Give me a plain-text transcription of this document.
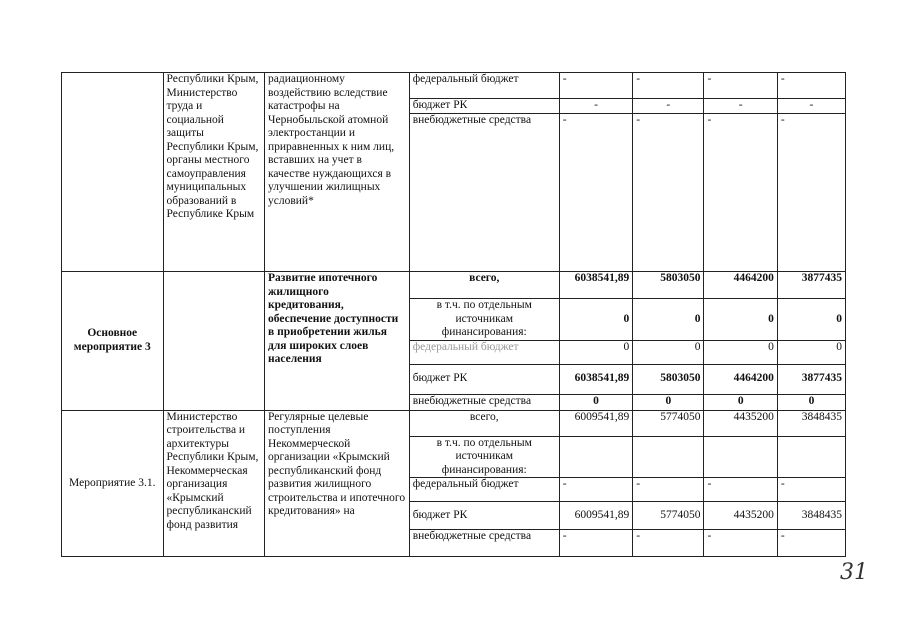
	Республики Крым, Министерство труда и социальной защиты Республики Крым, органы местного самоуправления муниципальных образований в Республике Крым	радиационному воздействию вследствие катастрофы на Чернобыльской атомной электростанции и приравненных к ним лиц, вставших на учет в качестве нуждающихся в улучшении жилищных условий*	федеральный бюджет	-	-	-	-
			бюджет РК	-	-	-	-
			внебюджетные средства	-	-	-	-
Основное мероприятие 3		Развитие ипотечного жилищного кредитования, обеспечение доступности в приобретении жилья для широких слоев населения	всего,	6038541,89	5803050	4464200	3877435
			в т.ч. по отдельным источникам финансирования:	0	0	0	0
			федеральный бюджет	0	0	0	0
			бюджет РК	6038541,89	5803050	4464200	3877435
			внебюджетные средства	0	0	0	0
Мероприятие 3.1.	Министерство строительства и архитектуры Республики Крым, Некоммерческая организация «Крымский республиканский фонд развития	Регулярные целевые поступления Некоммерческой организации «Крымский республиканский фонд развития жилищного строительства и ипотечного кредитования» на	всего,	6009541,89	5774050	4435200	3848435
			в т.ч. по отдельным источникам финансирования:				
			федеральный бюджет	-	-	-	-
			бюджет РК	6009541,89	5774050	4435200	3848435
			внебюджетные средства	-	-	-	-
31
